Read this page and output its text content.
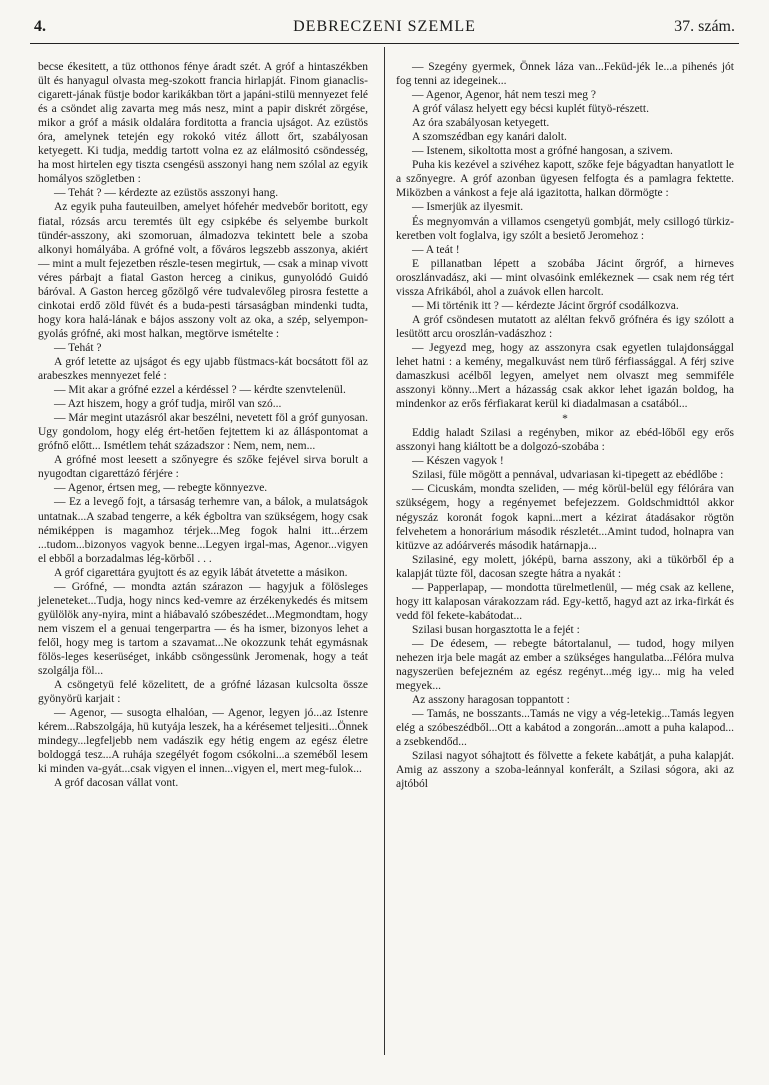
4.	DEBRECZENI SZEMLE	37. szám.

becse ékesitett, a tüz otthonos fénye áradt szét. A gróf a hintaszékben ült és hanyagul olvasta meg-szokott francia hirlapját. Finom gianaclis-cigarett-jának füstje bodor karikákban tört a japáni-stilü mennyezet felé és a csöndet alig zavarta meg más nesz, mint a papir diskrét zörgése, mikor a gróf a másik oldalára forditotta a francia ujságot. Az ezüstös óra, amelynek tetején egy rokokó vitéz állott őrt, szabályosan ketyegett. Ki tudja, meddig tartott volna ez az elálmositó csöndesség, ha most hirtelen egy tiszta csengésü asszonyi hang nem szólal az egyik homályos szögletben :

— Tehát ? — kérdezte az ezüstös asszonyi hang.

Az egyik puha fauteuilben, amelyet hófehér medvebőr boritott, egy fiatal, rózsás arcu teremtés ült egy csipkébe és selyembe burkolt tündér-asszony, aki szomoruan, álmadozva tekintett bele a szoba alkonyi homályába. A grófné volt, a főváros legszebb asszonya, akiért — mint a mult fejezetben részle-tesen megirtuk, — csak a minap vivott véres párbajt a fiatal Gaston herceg a cinikus, gunyolódó Guidó báróval. A Gaston herceg gőzölgő vére tudvalevőleg pirosra festette a cinkotai erdő zöld füvét és a buda-pesti társaságban mindenki tudta, hogy kora halá-lának e bájos asszony volt az oka, a szép, selyempon-gyolás grófné, aki most halkan, megtörve ismételte :

— Tehát ?

A gróf letette az ujságot és egy ujabb füstmacs-kát bocsátott föl az arabeszkes mennyezet felé :

— Mit akar a grófné ezzel a kérdéssel ? — kérdte szenvtelenül.

— Azt hiszem, hogy a gróf tudja, miről van szó...

— Már megint utazásról akar beszélni, nevetett föl a gróf gunyosan. Ugy gondolom, hogy elég ért-hetően fejtettem ki az álláspontomat a grófnő előtt... Ismétlem tehát századszor : Nem, nem, nem...

A grófné most leesett a szőnyegre és szőke fejével sirva borult a nyugodtan cigarettázó férjére :

— Agenor, értsen meg, — rebegte könnyezve.

— Ez a levegő fojt, a társaság terhemre van, a bálok, a mulatságok untatnak...A szabad tengerre, a kék égboltra van szükségem, hogy csak némiképpen is magamhoz térjek...Meg fogok halni itt...érzem ...tudom...bizonyos vagyok benne...Legyen irgal-mas, Agenor...vigyen el ebből a borzadalmas lég-körből . . .

A gróf cigarettára gyujtott és az egyik lábát átvetette a másikon.

— Grófné, — mondta aztán szárazon — hagyjuk a fölösleges jeleneteket...Tudja, hogy nincs ked-vemre az érzékenykedés és mitsem gyülölök any-nyira, mint a hiábavaló szóbeszédet...Megmondtam, hogy nem viszem el a genuai tengerpartra — és ha ismer, bizonyos lehet a felől, hogy meg is tartom a szavamat...Ne okozzunk tehát egymásnak fölös-leges keserüséget, inkább csöngessünk Jeromenak, hogy a teát szolgálja föl...

A csöngetyü felé közelitett, de a grófné lázasan kulcsolta össze gyönyörü karjait :

— Agenor, — susogta elhalóan, — Agenor, legyen jó...az Istenre kérem...Rabszolgája, hü kutyája leszek, ha a kérésemet teljesiti...Önnek mindegy...legfeljebb nem vadászik egy hétig engem az egész életre boldoggá tesz...A ruhája szegélyét fogom csókolni...a szeméből lesem ki minden va-gyát...csak vigyen el innen...vigyen el, mert meg-fulok...

A gróf dacosan vállat vont.

— Szegény gyermek, Önnek láza van...Feküd-jék le...a pihenés jót fog tenni az idegeinek...

— Agenor, Agenor, hát nem teszi meg ?

A gróf válasz helyett egy bécsi kuplét fütyö-részett.

Az óra szabályosan ketyegett.

A szomszédban egy kanári dalolt.

— Istenem, sikoltotta most a grófné hangosan, a szivem.

Puha kis kezével a szivéhez kapott, szőke feje bágyadtan hanyatlott le a szőnyegre. A gróf azonban ügyesen felfogta és a pamlagra fektette. Miközben a vánkost a feje alá igazitotta, halkan dörmögte :

— Ismerjük az ilyesmit.

És megnyomván a villamos csengetyü gombját, mely csillogó türkiz-keretben volt foglalva, igy szólt a besiető Jeromehoz :

— A teát !

E pillanatban lépett a szobába Jácint őrgróf, a hirneves oroszlánvadász, aki — mint olvasóink emlékeznek — csak nem rég tért vissza Afrikából, ahol a zuávok ellen harcolt.

— Mi történik itt ? — kérdezte Jácint őrgróf csodálkozva.

A gróf csöndesen mutatott az aléltan fekvő grófnéra és igy szólott a lesütött arcu oroszlán-vadászhoz :

— Jegyezd meg, hogy az asszonyra csak egyetlen tulajdonsággal lehet hatni : a kemény, megalkuvást nem türő férfiassággal. A férj szive damaszkusi acélből legyen, amelyet nem olvaszt meg semmiféle asszonyi könny...Mert a házasság csak akkor lehet igazán boldog, ha mindenkor az erős férfiakarat kerül ki diadalmasan a csatából...

*

Eddig haladt Szilasi a regényben, mikor az ebéd-lőből egy erős asszonyi hang kiáltott be a dolgozó-szobába :

— Készen vagyok !

Szilasi, füle mögött a pennával, udvariasan ki-tipegett az ebédlőbe :

— Cicuskám, mondta szeliden, — még körül-belül egy félórára van szükségem, hogy a regényemet befejezzem. Goldschmidttól akkor négyszáz koronát fogok kapni...mert a kézirat átadásakor rögtön felvehetem a honorárium második részletét...Amint tudod, holnapra van kitüzve az adóárverés második határnapja...

Szilasiné, egy molett, jóképü, barna asszony, aki a tükörből ép a kalapját tüzte föl, dacosan szegte hátra a nyakát :

— Papperlapap, — mondotta türelmetlenül, — még csak az kellene, hogy itt kalaposan várakozzam rád. Egy-kettő, hagyd azt az irka-firkát és vedd föl fekete-kabátodat...

Szilasi busan horgasztotta le a fejét :

— De édesem, — rebegte bátortalanul, — tudod, hogy milyen nehezen irja bele magát az ember a szükséges hangulatba...Félóra mulva nagyszerüen befejezném az egész regényt...még igy... mig ha veled megyek...

Az asszony haragosan toppantott :

— Tamás, ne bosszants...Tamás ne vigy a vég-letekig...Tamás legyen elég a szóbeszédből...Ott a kabátod a zongorán...amott a puha kalapod... a zsebkendőd...

Szilasi nagyot sóhajtott és fölvette a fekete kabátját, a puha kalapját. Amig az asszony a szoba-leánnyal konferált, a Szilasi sógora, aki az ajtóból
